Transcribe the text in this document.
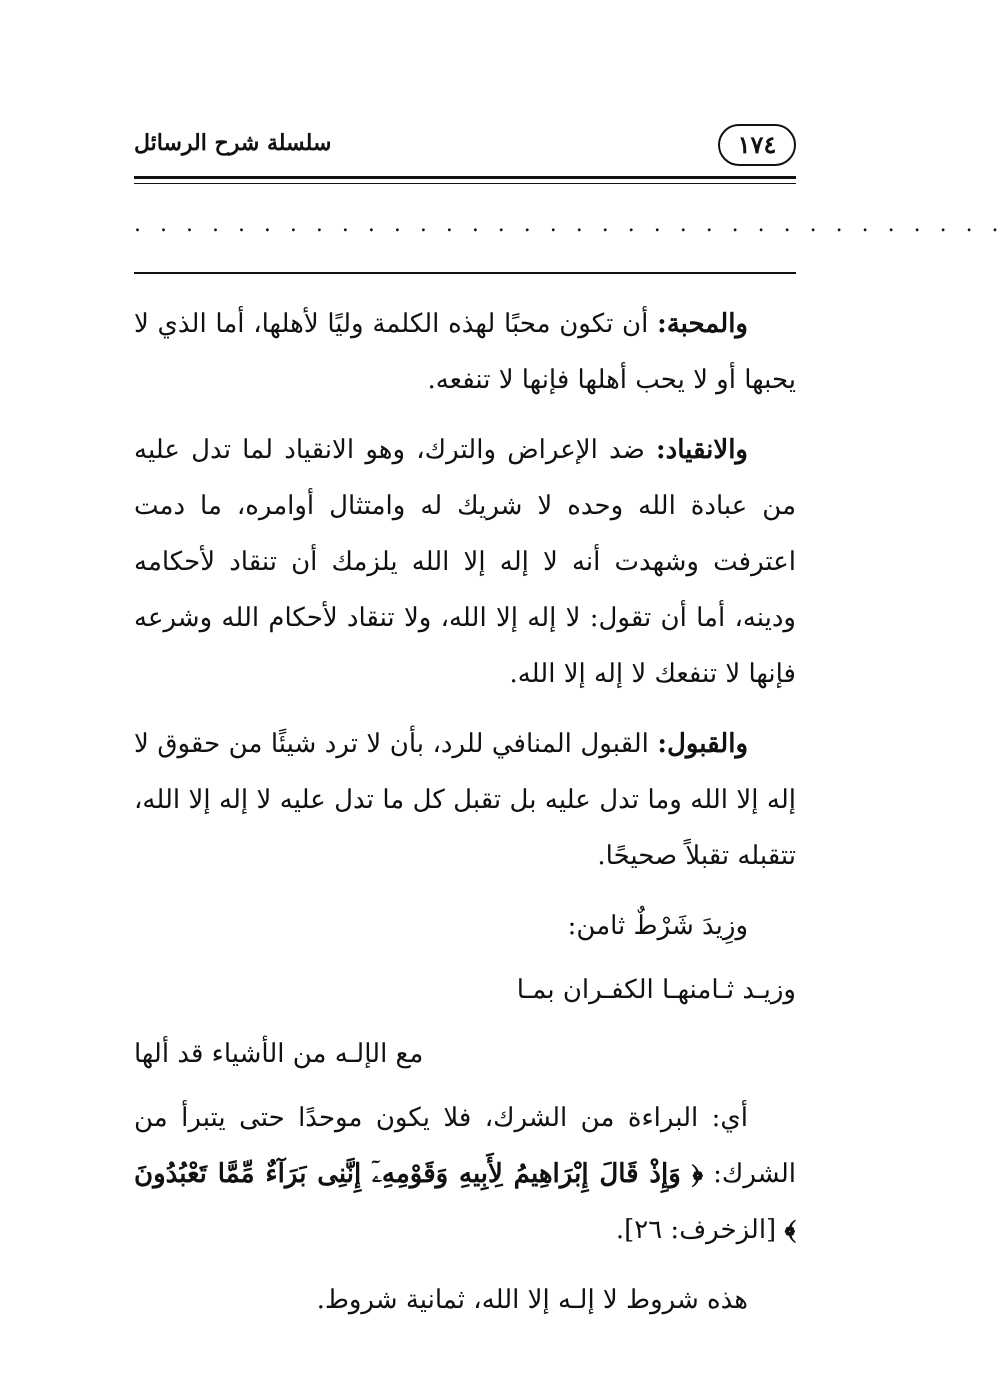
سلسلة شرح الرسائل	١٧٤
. . . . . . . . . . . . . . . . . . . . . . . . . . . . . . . . . .

والمحبة: أن تكون محبًا لهذه الكلمة وليًا لأهلها، أما الذي لا يحبها أو لا يحب أهلها فإنها لا تنفعه.

والانقياد: ضد الإعراض والترك، وهو الانقياد لما تدل عليه من عبادة الله وحده لا شريك له وامتثال أوامره، ما دمت اعترفت وشهدت أنه لا إله إلا الله يلزمك أن تنقاد لأحكامه ودينه، أما أن تقول: لا إله إلا الله، ولا تنقاد لأحكام الله وشرعه فإنها لا تنفعك لا إله إلا الله.

والقبول: القبول المنافي للرد، بأن لا ترد شيئًا من حقوق لا إله إلا الله وما تدل عليه بل تقبل كل ما تدل عليه لا إله إلا الله، تتقبله تقبلاً صحيحًا.

وزِيدَ شَرْطٌ ثامن:

وزيـد ثـامنهـا الكفـران بمـا

مع الإلـه من الأشياء قد ألها

أي: البراءة من الشرك، فلا يكون موحدًا حتى يتبرأ من الشرك: ﴿ وَإِذْ قَالَ إِبْرَاهِيمُ لِأَبِيهِ وَقَوْمِهِۦٓ إِنَّنِى بَرَآءٌ مِّمَّا تَعْبُدُونَ ﴾ [الزخرف: ٢٦].

هذه شروط لا إلـه إلا الله، ثمانية شروط.
